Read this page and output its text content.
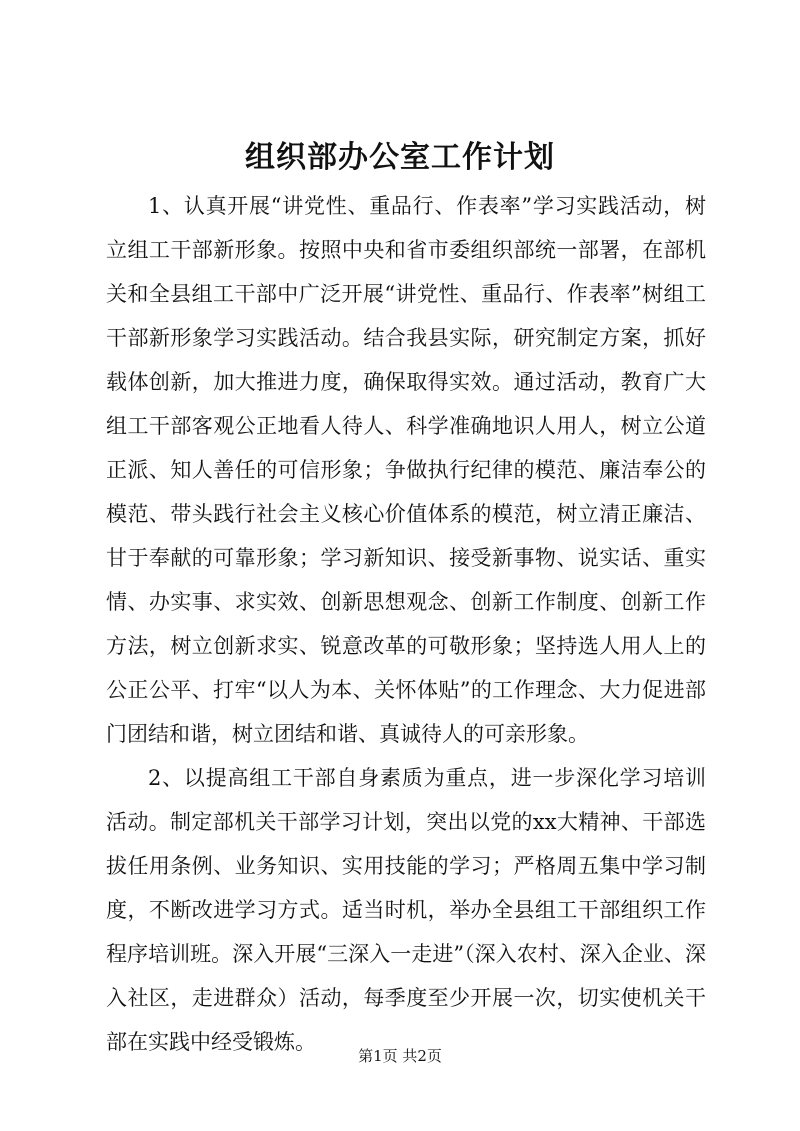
组织部办公室工作计划

1、认真开展“讲党性、重品行、作表率”学习实践活动，树立组工干部新形象。按照中央和省市委组织部统一部署，在部机关和全县组工干部中广泛开展“讲党性、重品行、作表率”树组工干部新形象学习实践活动。结合我县实际，研究制定方案，抓好载体创新，加大推进力度，确保取得实效。通过活动，教育广大组工干部客观公正地看人待人、科学准确地识人用人，树立公道正派、知人善任的可信形象；争做执行纪律的模范、廉洁奉公的模范、带头践行社会主义核心价值体系的模范，树立清正廉洁、甘于奉献的可靠形象；学习新知识、接受新事物、说实话、重实情、办实事、求实效、创新思想观念、创新工作制度、创新工作方法，树立创新求实、锐意改革的可敬形象；坚持选人用人上的公正公平、打牢“以人为本、关怀体贴”的工作理念、大力促进部门团结和谐，树立团结和谐、真诚待人的可亲形象。

2、以提高组工干部自身素质为重点，进一步深化学习培训活动。制定部机关干部学习计划，突出以党的xx大精神、干部选拔任用条例、业务知识、实用技能的学习；严格周五集中学习制度，不断改进学习方式。适当时机，举办全县组工干部组织工作程序培训班。深入开展“三深入一走进”（深入农村、深入企业、深入社区，走进群众）活动，每季度至少开展一次，切实使机关干部在实践中经受锻炼。

第1页 共2页
